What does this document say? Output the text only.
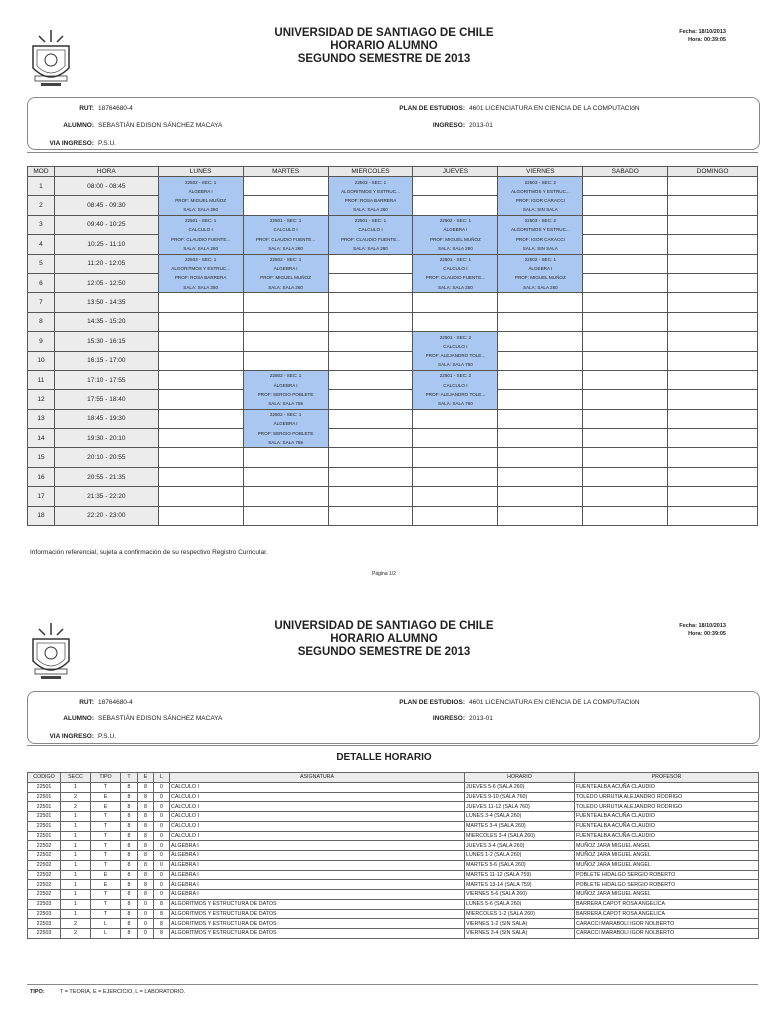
UNIVERSIDAD DE SANTIAGO DE CHILE
HORARIO ALUMNO
SEGUNDO SEMESTRE DE 2013
Fecha: 18/10/2013
Hora: 00:39:05
RUT: 18764680-4
ALUMNO: SEBASTIÁN EDISON SÁNCHEZ MACAYA
PLAN DE ESTUDIOS: 4601 LICENCIATURA EN CIENCIA DE LA COMPUTACIóN
INGRESO: 2013-01
VIA INGRESO: P.S.U.
MOD	HORA	LUNES	MARTES	MIERCOLES	JUEVES	VIERNES	SABADO	DOMINGO
1	08:00 - 08:45	22502 - SEC: 1
ÁLGEBRA I
PROF: MIGUEL MUÑOZ
SALA: SALA 260		22503 - SEC: 1
ALGORITMOS Y ESTRUC...
PROF: ROSA BARRERA
SALA: SALA 260		22503 - SEC: 2
ALGORITMOS Y ESTRUC...
PROF: IGOR CARACCI
SALA: SIN SALA		

2	08:45 - 09:30							
3	09:40 - 10:25	22501 - SEC: 1
CALCULO I
PROF: CLAUDIO FUENTE...
SALA: SALA 260	22501 - SEC: 1
CALCULO I
PROF: CLAUDIO FUENTE...
SALA: SALA 260	22501 - SEC: 1
CALCULO I
PROF: CLAUDIO FUENTE...
SALA: SALA 260	22502 - SEC: 1
ÁLGEBRA I
PROF: MIGUEL MUÑOZ
SALA: SALA 260	22503 - SEC: 2
ALGORITMOS Y ESTRUC...
PROF: IGOR CARACCI
SALA: SIN SALA		

4	10:25 - 11:10							
5	11:20 - 12:05	22503 - SEC: 1
ALGORITMOS Y ESTRUC...
PROF: ROSA BARRERA
SALA: SALA 260	22502 - SEC: 1
ÁLGEBRA I
PROF: MIGUEL MUÑOZ
SALA: SALA 260		22501 - SEC: 1
CALCULO I
PROF: CLAUDIO FUENTE...
SALA: SALA 260	22502 - SEC: 1
ÁLGEBRA I
PROF: MIGUEL MUÑOZ
SALA: SALA 260		

6	12:05 - 12:50							
7	13:50 - 14:35							
8	14:35 - 15:20							
9	15:30 - 16:15				22501 - SEC: 2
CALCULO I
PROF: ALEJANDRO TOLE...
SALA: SALA 760			

10	16:15 - 17:00							
11	17:10 - 17:55		22502 - SEC: 1
ÁLGEBRA I
PROF: SERGIO POBLETE
SALA: SALA 759		22501 - SEC: 2
CALCULO I
PROF: ALEJANDRO TOLE...
SALA: SALA 760			

12	17:55 - 18:40							
13	18:45 - 19:30		22502 - SEC: 1
ÁLGEBRA I
PROF: SERGIO POBLETE
SALA: SALA 759					

14	19:30 - 20:10							
15	20:10 - 20:55							
16	20:55 - 21:35							
17	21:35 - 22:20							
18	22:20 - 23:00							
Información referencial, sujeta a confirmación de su respectivo Registro Curricular.
Página 1/2
UNIVERSIDAD DE SANTIAGO DE CHILE
HORARIO ALUMNO
SEGUNDO SEMESTRE DE 2013
Fecha: 18/10/2013
Hora: 00:39:05
RUT: 18764680-4
ALUMNO: SEBASTIÁN EDISON SÁNCHEZ MACAYA
PLAN DE ESTUDIOS: 4601 LICENCIATURA EN CIENCIA DE LA COMPUTACIóN
INGRESO: 2013-01
VIA INGRESO: P.S.U.
DETALLE HORARIO
CODIGO	SECC	TIPO	T	E	L	ASIGNATURA	HORARIO	PROFESOR
22501	1	T	8	8	0	CALCULO I	JUEVES 5-6 (SALA 260)	FUENTEALBA ACUÑA CLAUDIO
22501	2	E	8	8	0	CALCULO I	JUEVES 9-10 (SALA 760)	TOLEDO URRUTIA ALEJANDRO RODRIGO
22501	2	E	8	8	0	CALCULO I	JUEVES 11-12 (SALA 760)	TOLEDO URRUTIA ALEJANDRO RODRIGO
22501	1	T	8	8	0	CALCULO I	LUNES 3-4 (SALA 260)	FUENTEALBA ACUÑA CLAUDIO
22501	1	T	8	8	0	CALCULO I	MARTES 3-4 (SALA 260)	FUENTEALBA ACUÑA CLAUDIO
22501	1	T	8	8	0	CALCULO I	MIERCOLES 3-4 (SALA 260)	FUENTEALBA ACUÑA CLAUDIO
22502	1	T	8	8	0	ÁLGEBRA I	JUEVES 3-4 (SALA 260)	MUÑOZ JARA MIGUEL ANGEL
22502	1	T	8	8	0	ÁLGEBRA I	LUNES 1-2 (SALA 260)	MUÑOZ JARA MIGUEL ANGEL
22502	1	T	8	8	0	ÁLGEBRA I	MARTES 5-6 (SALA 260)	MUÑOZ JARA MIGUEL ANGEL
22502	1	E	8	8	0	ÁLGEBRA I	MARTES 11-12 (SALA 759)	POBLETE HIDALGO SERGIO ROBERTO
22502	1	E	8	8	0	ÁLGEBRA I	MARTES 13-14 (SALA 759)	POBLETE HIDALGO SERGIO ROBERTO
22502	1	T	8	8	0	ÁLGEBRA I	VIERNES 5-6 (SALA 260)	MUÑOZ JARA MIGUEL ANGEL
22503	1	T	8	0	8	ALGORITMOS Y ESTRUCTURA DE DATOS	LUNES 5-6 (SALA 260)	BARRERA CAPOT ROSA ANGELICA
22503	1	T	8	0	8	ALGORITMOS Y ESTRUCTURA DE DATOS	MIERCOLES 1-2 (SALA 260)	BARRERA CAPOT ROSA ANGELICA
22503	2	L	8	0	8	ALGORITMOS Y ESTRUCTURA DE DATOS	VIERNES 1-2 (SIN SALA)	CARACCI MARABOLI IGOR NOLBERTO
22503	2	L	8	0	8	ALGORITMOS Y ESTRUCTURA DE DATOS	VIERNES 3-4 (SIN SALA)	CARACCI MARABOLI IGOR NOLBERTO
TIPO:	T = TEORIA, E = EJERCICIO, L = LABORATORIO.
